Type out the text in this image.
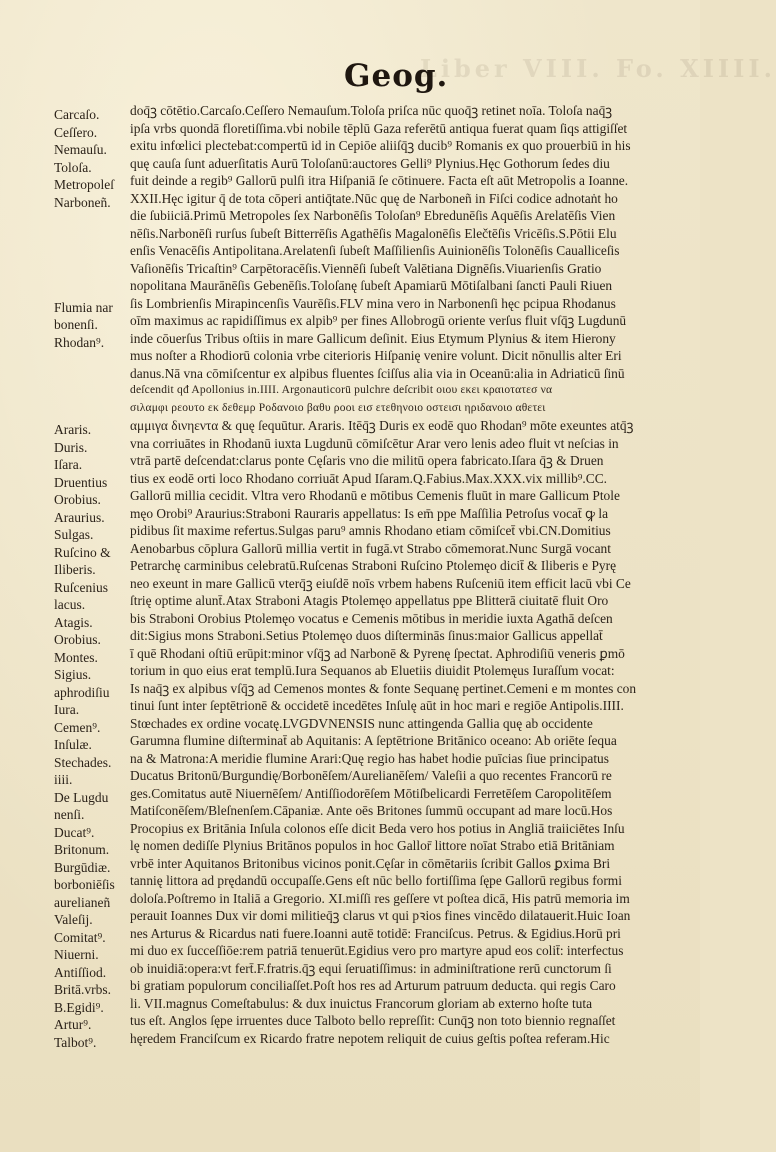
Liber VIII. Fo. XIIII.
Geog.
Carcaſo.
Ceſſero.
Nemauſu.
Toloſa.
Metropoleſ
Narboneñ.
Flumia nar
bonenſi.
Rhodan⁹.
Araris.
Duris.
Iſara.
Druentius
Orobius.
Araurius.
Sulgas.
Ruſcino &
Iliberis.
Ruſcenius
lacus.
Atagis.
Orobius.
Montes.
Sigius.
aphrodiſiu
Iura.
Cemen⁹.
Inſulæ.
Stechades.
iiii.
De Lugdu
nenſi.
Ducat⁹.
Britonum.
Burgūdiæ.
borboniēſis
aurelianeñ
Valeſij.
Comitat⁹.
Niuerni.
Antiſſiod.
Britā.vrbs.
B.Egidi⁹.
Artur⁹.
Talbot⁹.
doq̄ꝫ cōtētio.Carcaſo.Ceſſero Nemauſum.Toloſa priſca nūc quoq̄ꝫ retinet noīa. Toloſa naq̄ꝫ
ipſa vrbs quondā floretiſſima.vbi nobile tēplū Gaza referētū antiqua fuerat quam ſiqs attigiſſet
exitu infœlici plectebat:compertū id in Cepiōe aliiſq̄ꝫ ducib⁹ Romanis ex quo prouerbiū in his
quę cauſa ſunt aduerſitatis Aurū Toloſanū:auctores Gelli⁹ Plynius.Hęc Gothorum ſedes diu
fuit deinde a regib⁹ Gallorū pulſi itra Hiſpaniā ſe cōtinuere. Facta eſt aūt Metropolis a Ioanne.
XXII.Hęc igitur q̄ de tota cōperi antiq̄tate.Nūc quę de Narboneñ in Fiſci codice adnotaṅt ho
die ſubiiciā.Primū Metropoles ſex Narbonēſis Toloſan⁹ Ebredunēſis Aquēſis Arelatēſis Vien
nēſis.Narbonēſi rurſus ſubeſt Bitterrēſis Agathēſis Magalonēſis Elečtēſis Vricēſis.S.Pōtii Elu
enſis Venacēſis Antipolitana.Arelatenſi ſubeſt Maſſilienſis Auinionēſis Tolonēſis Caualliceſis
Vaſionēſis Tricaſtin⁹ Carpētoracēſis.Viennēſi ſubeſt Valētiana Dignēſis.Viuarienſis Gratio
nopolitana Maurānēſis Gebenēſis.Toloſanę ſubeſt Apamiarū Mōtiſalbani ſancti Pauli Riuen
ſis Lombrienſis Mirapincenſis Vaurēſis.FLV mina vero in Narbonenſi hęc pcipua Rhodanus
oīm maximus ac rapidiſſimus ex alpib⁹ per fines Allobrogū oriente verſus fluit vſq̄ꝫ Lugdunū
inde cōuerſus Tribus oſtiis in mare Gallicum deſinit. Eius Etymum Plynius & item Hierony
mus noſter a Rhodiorū colonia vrbe citerioris Hiſpanię venire volunt. Dicit nōnullis alter Eri
danus.Nā vna cōmiſcentur ex alpibus fluentes ſciſſus alia via in Oceanū:alia in Adriaticū ſinū
deſcendit qđ Apollonius in.IIII. Argonauticorū pulchre deſcribit οιου εκει κραιοτατεσ να
σιλαμφι ρεουτο εκ δεθεμρ Ροδανοιο βαθυ ροοι εισ ετεθηνοιο οστεισι ηριδανοιο αθετει
αμμιγα δινηεντα & quę ſequūtur. Araris. Itēq̄ꝫ Duris ex eodē quo Rhodan⁹ mōte exeuntes atq̄ꝫ
vna corriuātes in Rhodanū iuxta Lugdunū cōmiſcētur Arar vero lenis adeo fluit vt neſcias in
vtrā partē deſcendat:clarus ponte Cęſaris vno die militū opera fabricato.Iſara q̄ꝫ & Druen
tius ex eodē orti loco Rhodano corriuāt Apud Iſaram.Q.Fabius.Max.XXX.vix millib⁹.CC.
Gallorū millia cecidit. Vltra vero Rhodanū e mōtibus Cemenis fluūt in mare Gallicum Ptole
męo Orobi⁹ Araurius:Straboni Rauraris appellatus: Is em̄ ppe Maſſilia Petroſus vocat̄ ꝙ la
pidibus ſit maxime refertus.Sulgas paru⁹ amnis Rhodano etiam cōmiſcet̄ vbi.CN.Domitius
Aenobarbus cōplura Gallorū millia vertit in fugā.vt Strabo cōmemorat.Nunc Surgā vocant
Petrarchę carminibus celebratū.Ruſcenas Straboni Ruſcino Ptolemęo dicit̄ & Iliberis e Pyrę
neo exeunt in mare Gallicū vterq̄ꝫ eiuſdē noīs vrbem habens Ruſceniū item efficit lacū vbi Ce
ſtrię optime alunt̄.Atax Straboni Atagis Ptolemęo appellatus ppe Blitterā ciuitatē fluit Oro
bis Straboni Orobius Ptolemęo vocatus e Cemenis mōtibus in meridie iuxta Agathā deſcen
dit:Sigius mons Straboni.Setius Ptolemęo duos diſterminās ſinus:maior Gallicus appellat̄
ī quē Rhodani oſtiū erūpit:minor vſq̄ꝫ ad Narbonē & Pyrenę ſpectat. Aphrodiſiū veneris ꝑmō
torium in quo eius erat templū.Iura Sequanos ab Eluetiis diuidit Ptolemęus Iuraſſum vocat:
Is naq̄ꝫ ex alpibus vſq̄ꝫ ad Cemenos montes & fonte Sequanę pertinet.Cemeni e m montes con
tinui ſunt inter ſeptētrionē & occidetē incedētes Inſulę aūt in hoc mari e regiōe Antipolis.IIII.
Stœchades ex ordine vocatę.LVGDVNENSIS nunc attingenda Gallia quę ab occidente
Garumna flumine diſterminat̄ ab Aquitanis: A ſeptētrione Britānico oceano: Ab oriēte ſequa
na & Matrona:A meridie flumine Arari:Quę regio has habet hodie puīcias ſiue principatus
Ducatus Britonū/Burgundię/Borbonēſem/Aurelianēſem/ Valeſii a quo recentes Francorū re
ges.Comitatus autē Niuernēſem/ Antiſſiodorēſem Mōtiſbelicardi Ferretēſem Caropolitēſem
Matiſconēſem/Bleſnenſem.Cāpaniæ. Ante oēs Britones ſummū occupant ad mare locū.Hos
Procopius ex Britānia Inſula colonos eſſe dicit Beda vero hos potius in Angliā traiiciētes Inſu
lę nomen dediſſe Plynius Britānos populos in hoc Gallor̄ littore noīat Strabo etiā Britāniam
vrbē inter Aquitanos Britonibus vicinos ponit.Cęſar in cōmētariis ſcribit Gallos ꝑxima Bri
tannię littora ad prędandū occupaſſe.Gens eſt nūc bello fortiſſima ſępe Gallorū regibus formi
doloſa.Poſtremo in Italiā a Gregorio. XI.miſſi res geſſere vt poſtea dicā, His patrū memoria im
perauit Ioannes Dux vir domi militieq̄ꝫ clarus vt qui pꝛios fines vincēdo dilatauerit.Huic Ioan
nes Arturus & Ricardus nati fuere.Ioanni autē totidē: Franciſcus. Petrus. & Egidius.Horū pri
mi duo ex ſucceſſiōe:rem patriā tenuerūt.Egidius vero pro martyre apud eos colit̄: interfectus
ob inuidiā:opera:vt fert̄.F.fratris.q̄ꝫ equi ſeruatiſſimus: in adminiſtratione rerū cunctorum ſi
bi gratiam populorum conciliaſſet.Poſt hos res ad Arturum patruum deducta. qui regis Caro
li. VII.magnus Comeſtabulus: & dux inuictus Francorum gloriam ab externo hoſte tuta
tus eſt. Anglos ſępe irruentes duce Talboto bello repreſſit: Cunq̄ꝫ non toto biennio regnaſſet
hęredem Franciſcum ex Ricardo fratre nepotem reliquit de cuius geſtis poſtea referam.Hic
